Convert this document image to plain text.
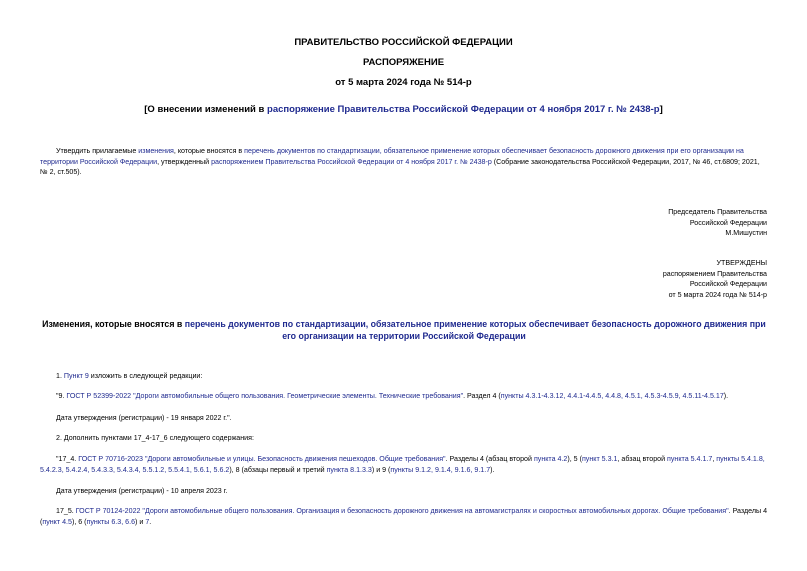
ПРАВИТЕЛЬСТВО РОССИЙСКОЙ ФЕДЕРАЦИИ
РАСПОРЯЖЕНИЕ
от 5 марта 2024 года № 514-р
[О внесении изменений в распоряжение Правительства Российской Федерации от 4 ноября 2017 г. № 2438-р]
Утвердить прилагаемые изменения, которые вносятся в перечень документов по стандартизации, обязательное применение которых обеспечивает безопасность дорожного движения при его организации на территории Российской Федерации, утвержденный распоряжением Правительства Российской Федерации от 4 ноября 2017 г. № 2438-р (Собрание законодательства Российской Федерации, 2017, № 46, ст.6809; 2021, № 2, ст.505).

Председатель Правительства

Российской Федерации

М.Мишустин

УТВЕРЖДЕНЫ

распоряжением Правительства

Российской Федерации

от 5 марта 2024 года № 514-р

Изменения, которые вносятся в перечень документов по стандартизации, обязательное применение которых обеспечивает безопасность дорожного движения при его организации на территории Российской Федерации
1. Пункт 9 изложить в следующей редакции:
"9. ГОСТ Р 52399-2022 "Дороги автомобильные общего пользования. Геометрические элементы. Технические требования". Раздел 4 (пункты 4.3.1-4.3.12, 4.4.1-4.4.5, 4.4.8, 4.5.1, 4.5.3-4.5.9, 4.5.11-4.5.17).
Дата утверждения (регистрации) - 19 января 2022 г.".
2. Дополнить пунктами 17_4-17_6 следующего содержания:
"17_4. ГОСТ Р 70716-2023 "Дороги автомобильные и улицы. Безопасность движения пешеходов. Общие требования". Разделы 4 (абзац второй пункта 4.2), 5 (пункт 5.3.1, абзац второй пункта 5.4.1.7, пункты 5.4.1.8, 5.4.2.3, 5.4.2.4, 5.4.3.3, 5.4.3.4, 5.5.1.2, 5.5.4.1, 5.6.1, 5.6.2), 8 (абзацы первый и третий пункта 8.1.3.3) и 9 (пункты 9.1.2, 9.1.4, 9.1.6, 9.1.7).
Дата утверждения (регистрации) - 10 апреля 2023 г.
17_5. ГОСТ Р 70124-2022 "Дороги автомобильные общего пользования. Организация и безопасность дорожного движения на автомагистралях и скоростных автомобильных дорогах. Общие требования". Разделы 4 (пункт 4.5), 6 (пункты 6.3, 6.6) и 7.
